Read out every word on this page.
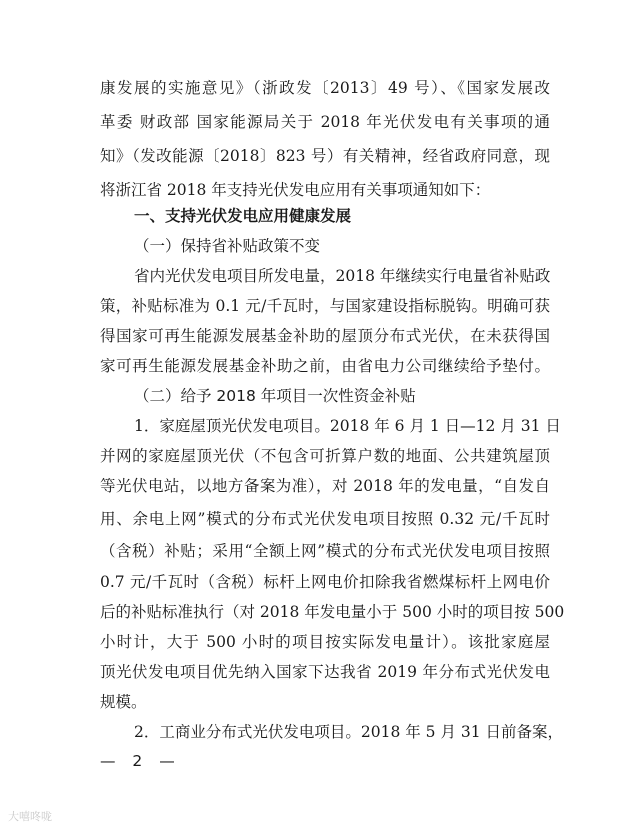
康发展的实施意见》（浙政发〔2013〕49 号）、《国家发展改
革委 财政部 国家能源局关于 2018 年光伏发电有关事项的通
知》（发改能源〔2018〕823 号）有关精神，经省政府同意，现
将浙江省 2018 年支持光伏发电应用有关事项通知如下：
一、支持光伏发电应用健康发展
（一）保持省补贴政策不变
省内光伏发电项目所发电量，2018 年继续实行电量省补贴政
策，补贴标准为 0.1 元/千瓦时，与国家建设指标脱钩。明确可获
得国家可再生能源发展基金补助的屋顶分布式光伏，在未获得国
家可再生能源发展基金补助之前，由省电力公司继续给予垫付。
（二）给予 2018 年项目一次性资金补贴
1．家庭屋顶光伏发电项目。2018 年 6 月 1 日—12 月 31 日
并网的家庭屋顶光伏（不包含可折算户数的地面、公共建筑屋顶
等光伏电站，以地方备案为准），对 2018 年的发电量，“自发自
用、余电上网”模式的分布式光伏发电项目按照 0.32 元/千瓦时
（含税）补贴；采用“全额上网”模式的分布式光伏发电项目按照
0.7 元/千瓦时（含税）标杆上网电价扣除我省燃煤标杆上网电价
后的补贴标准执行（对 2018 年发电量小于 500 小时的项目按 500
小时计，大于 500 小时的项目按实际发电量计）。该批家庭屋
顶光伏发电项目优先纳入国家下达我省 2019 年分布式光伏发电
规模。
2．工商业分布式光伏发电项目。2018 年 5 月 31 日前备案，
— 2 —
大嘻咚咙
